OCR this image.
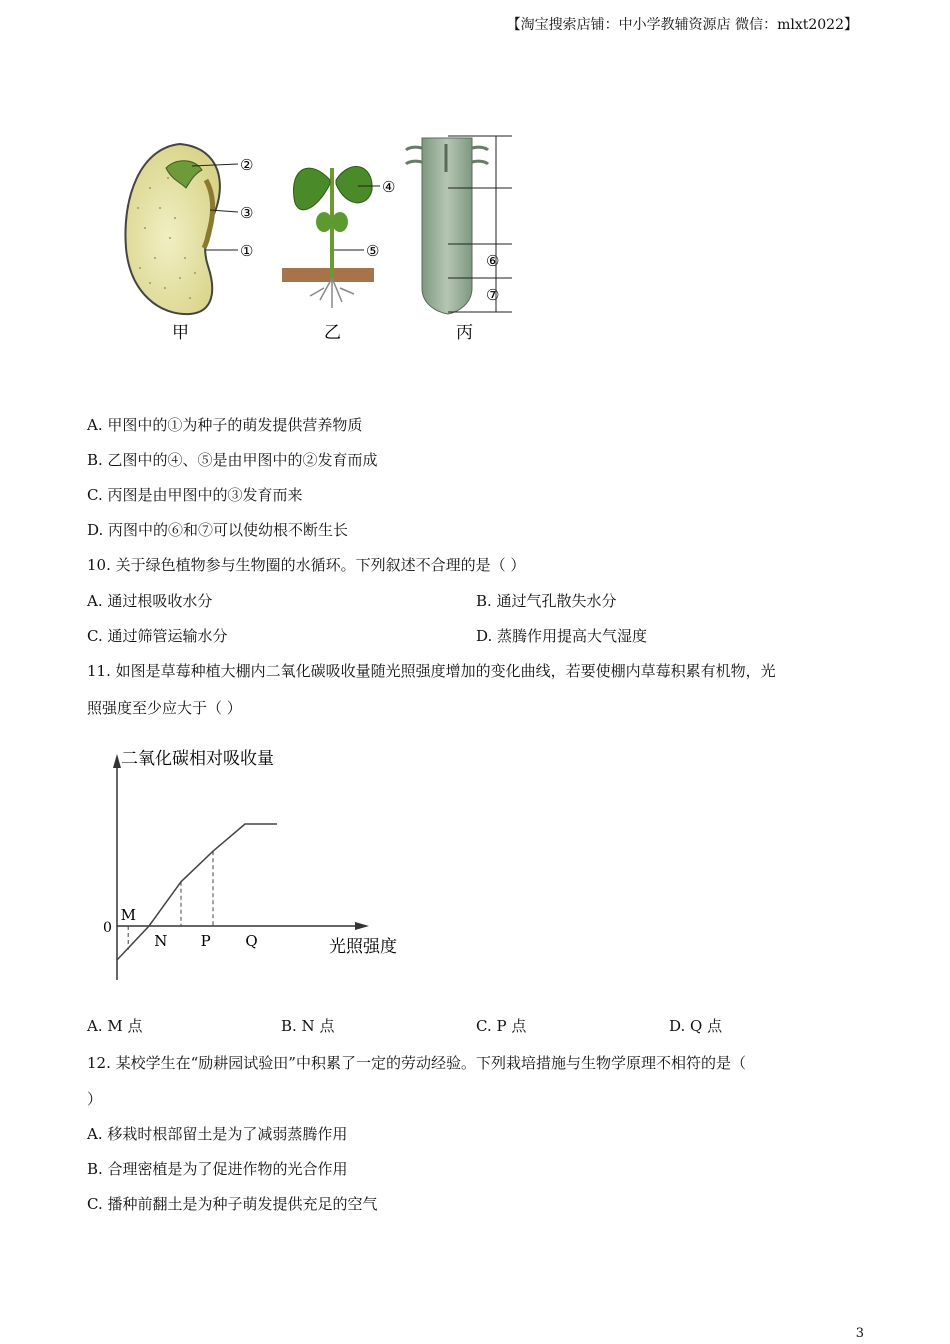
【淘宝搜索店铺：中小学教辅资源店 微信：mlxt2022】
②
③
①
④
⑤
⑥
⑦
甲	乙	丙
A. 甲图中的①为种子的萌发提供营养物质
B. 乙图中的④、⑤是由甲图中的②发育而成
C. 丙图是由甲图中的③发育而来
D. 丙图中的⑥和⑦可以使幼根不断生长
10. 关于绿色植物参与生物圈的水循环。下列叙述不合理的是（ ）
A. 通过根吸收水分	B. 通过气孔散失水分
C. 通过筛管运输水分	D. 蒸腾作用提高大气湿度
11. 如图是草莓种植大棚内二氧化碳吸收量随光照强度增加的变化曲线，若要使棚内草莓积累有机物，光
照强度至少应大于（ ）
二氧化碳相对吸收量
光照强度
0
M
N P Q
A. M 点	B. N 点	C. P 点	D. Q 点
12. 某校学生在“励耕园试验田”中积累了一定的劳动经验。下列栽培措施与生物学原理不相符的是（
）
A. 移栽时根部留土是为了减弱蒸腾作用
B. 合理密植是为了促进作物的光合作用
C. 播种前翻土是为种子萌发提供充足的空气
3
